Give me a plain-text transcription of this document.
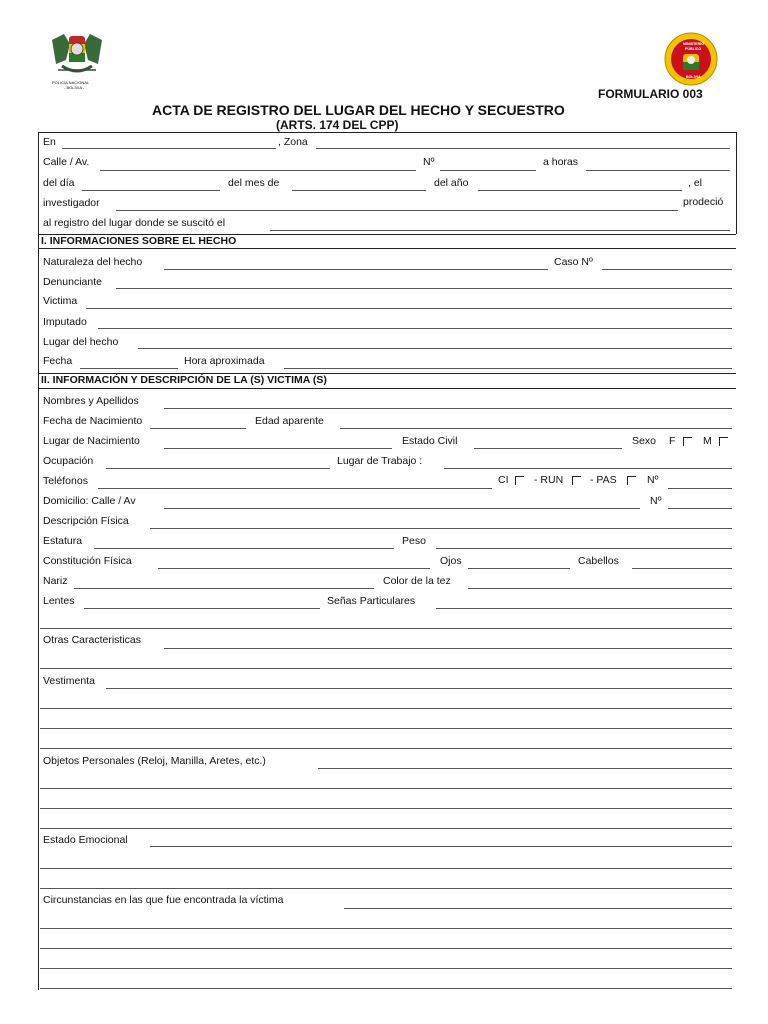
POLICIA NACIONAL
- BOLIVIA -
MINISTERIO
PÚBLICO
BOLIVIA
FORMULARIO 003
ACTA DE REGISTRO DEL LUGAR DEL HECHO Y SECUESTRO
(ARTS. 174 DEL CPP)
En	, Zona
Calle / Av.	Nº	a horas
del día	del mes de	del año	, el
investigador	prodeció
al registro del lugar donde se suscitó el
I. INFORMACIONES SOBRE EL HECHO
Naturaleza del hecho	Caso Nº
Denunciante
Victima
Imputado
Lugar del hecho
Fecha	Hora aproximada
II. INFORMACIÓN Y DESCRIPCIÓN DE LA (S) VICTIMA (S)
Nombres y Apellidos
Fecha de Nacimiento	Edad aparente
Lugar de Nacimiento	Estado Civil	Sexo F	M
Ocupación	Lugar de Trabajo :
Teléfonos	CI - RUN	- PAS	Nº
Domicilio: Calle / Av	Nº
Descripción Física
Estatura	Peso
Constitución Física	Ojos	Cabellos
Nariz	Color de la tez
Lentes	Señas Particulares
Otras Caracteristicas
Vestimenta
Objetos Personales (Reloj, Manilla, Aretes, etc.)
Estado Emocional
Circunstancias en las que fue encontrada la víctima
